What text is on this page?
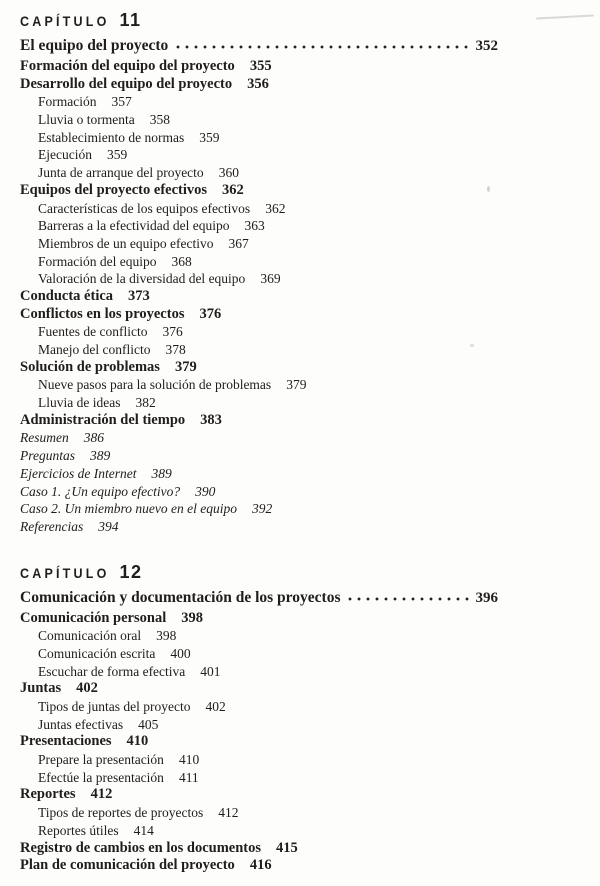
CAPÍTULO 11
El equipo del proyecto	352
Formación del equipo del proyecto 355
Desarrollo del equipo del proyecto 356
Formación 357
Lluvia o tormenta 358
Establecimiento de normas 359
Ejecución 359
Junta de arranque del proyecto 360
Equipos del proyecto efectivos 362
Características de los equipos efectivos 362
Barreras a la efectividad del equipo 363
Miembros de un equipo efectivo 367
Formación del equipo 368
Valoración de la diversidad del equipo 369
Conducta ética 373
Conflictos en los proyectos 376
Fuentes de conflicto 376
Manejo del conflicto 378
Solución de problemas 379
Nueve pasos para la solución de problemas 379
Lluvia de ideas 382
Administración del tiempo 383
Resumen 386
Preguntas 389
Ejercicios de Internet 389
Caso 1. ¿Un equipo efectivo? 390
Caso 2. Un miembro nuevo en el equipo 392
Referencias 394
CAPÍTULO 12
Comunicación y documentación de los proyectos	396
Comunicación personal 398
Comunicación oral 398
Comunicación escrita 400
Escuchar de forma efectiva 401
Juntas 402
Tipos de juntas del proyecto 402
Juntas efectivas 405
Presentaciones 410
Prepare la presentación 410
Efectúe la presentación 411
Reportes 412
Tipos de reportes de proyectos 412
Reportes útiles 414
Registro de cambios en los documentos 415
Plan de comunicación del proyecto 416
